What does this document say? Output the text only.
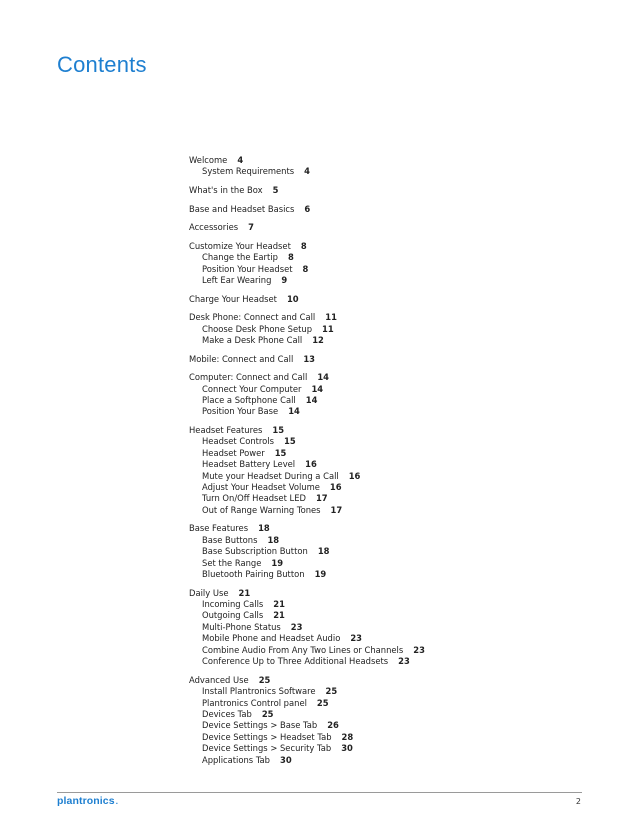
Contents
Welcome 4
System Requirements 4
What's in the Box 5
Base and Headset Basics 6
Accessories 7
Customize Your Headset 8
Change the Eartip 8
Position Your Headset 8
Left Ear Wearing 9
Charge Your Headset 10
Desk Phone: Connect and Call 11
Choose Desk Phone Setup 11
Make a Desk Phone Call 12
Mobile: Connect and Call 13
Computer: Connect and Call 14
Connect Your Computer 14
Place a Softphone Call 14
Position Your Base 14
Headset Features 15
Headset Controls 15
Headset Power 15
Headset Battery Level 16
Mute your Headset During a Call 16
Adjust Your Headset Volume 16
Turn On/Off Headset LED 17
Out of Range Warning Tones 17
Base Features 18
Base Buttons 18
Base Subscription Button 18
Set the Range 19
Bluetooth Pairing Button 19
Daily Use 21
Incoming Calls 21
Outgoing Calls 21
Multi-Phone Status 23
Mobile Phone and Headset Audio 23
Combine Audio From Any Two Lines or Channels 23
Conference Up to Three Additional Headsets 23
Advanced Use 25
Install Plantronics Software 25
Plantronics Control panel 25
Devices Tab 25
Device Settings > Base Tab 26
Device Settings > Headset Tab 28
Device Settings > Security Tab 30
Applications Tab 30
plantronics.	2
